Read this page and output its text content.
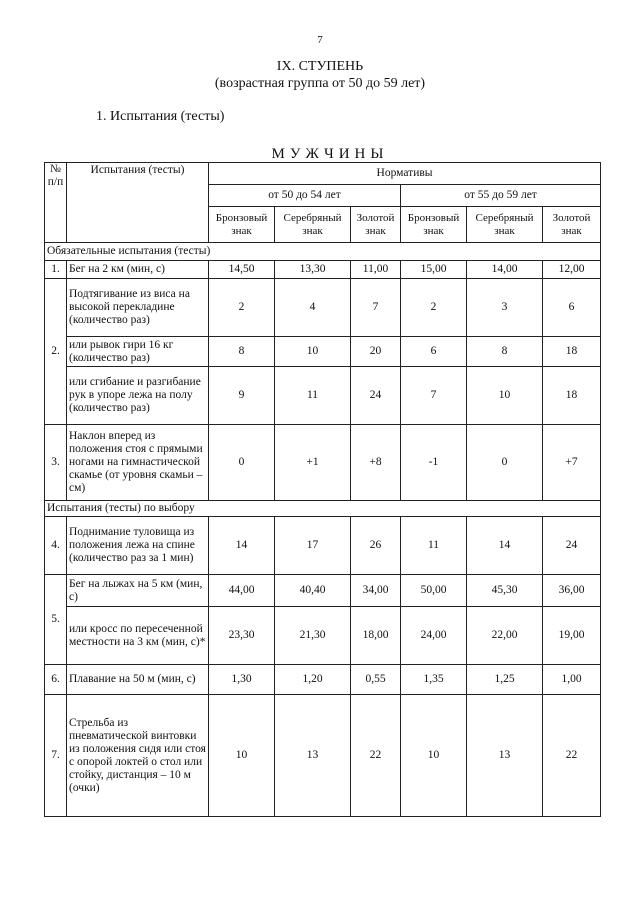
7
IX. СТУПЕНЬ
(возрастная группа от 50 до 59 лет)
1. Испытания (тесты)
МУЖЧИНЫ
№ п/п	Испытания (тесты)	Нормативы					
		от 50 до 54 лет			от 55 до 59 лет		
		Бронзовый знак	Серебряный знак	Золотой знак	Бронзовый знак	Серебряный знак	Золотой знак
Обязательные испытания (тесты)							
1.	Бег на 2 км (мин, с)	14,50	13,30	11,00	15,00	14,00	12,00
2.	Подтягивание из виса на высокой перекладине (количество раз)	2	4	7	2	3	6
	или рывок гири 16 кг (количество раз)	8	10	20	6	8	18
	или сгибание и разгибание рук в упоре лежа на полу (количество раз)	9	11	24	7	10	18
3.	Наклон вперед из положения стоя с прямыми ногами на гимнастической скамье (от уровня скамьи – см)	0	+1	+8	-1	0	+7
Испытания (тесты) по выбору							
4.	Поднимание туловища из положения лежа на спине (количество раз за 1 мин)	14	17	26	11	14	24
5.	Бег на лыжах на 5 км (мин, с)	44,00	40,40	34,00	50,00	45,30	36,00
	или кросс по пересеченной местности на 3 км (мин, с)*	23,30	21,30	18,00	24,00	22,00	19,00
6.	Плавание на 50 м (мин, с)	1,30	1,20	0,55	1,35	1,25	1,00
7.	Стрельба из пневматической винтовки из положения сидя или стоя с опорой локтей о стол или стойку, дистанция – 10 м (очки)	10	13	22	10	13	22
